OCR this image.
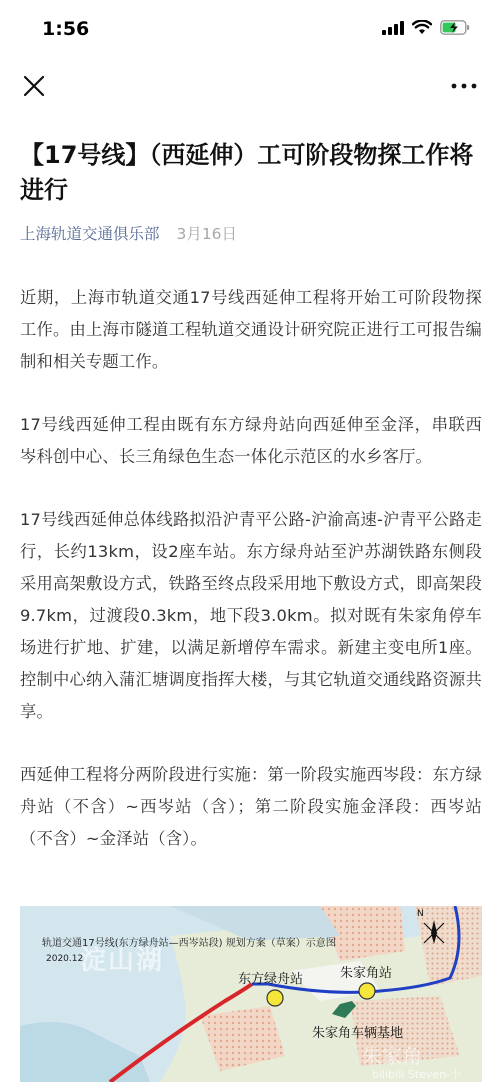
1:56
【17号线】（西延伸）工可阶段物探工作将进行
上海轨道交通俱乐部 3月16日

近期，上海市轨道交通17号线西延伸工程将开始工可阶段物探工作。由上海市隧道工程轨道交通设计研究院正进行工可报告编制和相关专题工作。

17号线西延伸工程由既有东方绿舟站向西延伸至金泽，串联西岑科创中心、长三角绿色生态一体化示范区的水乡客厅。

17号线西延伸总体线路拟沿沪青平公路-沪渝高速-沪青平公路走行，长约13km，设2座车站。东方绿舟站至沪苏湖铁路东侧段采用高架敷设方式，铁路至终点段采用地下敷设方式，即高架段9.7km，过渡段0.3km，地下段3.0km。拟对既有朱家角停车场进行扩地、扩建，以满足新增停车需求。新建主变电所1座。控制中心纳入蒲汇塘调度指挥大楼，与其它轨道交通线路资源共享。

西延伸工程将分两阶段进行实施：第一阶段实施西岑段：东方绿舟站（不含）~西岑站（含）；第二阶段实施金泽段：西岑站（不含）~金泽站（含）。

轨道交通17号线(东方绿舟站—西岑站段) 规划方案（草案）示意图
2020.12
淀山湖
N
东方绿舟站	朱家角站
朱家角车辆基地
朱家角
bilibili Steven-小
